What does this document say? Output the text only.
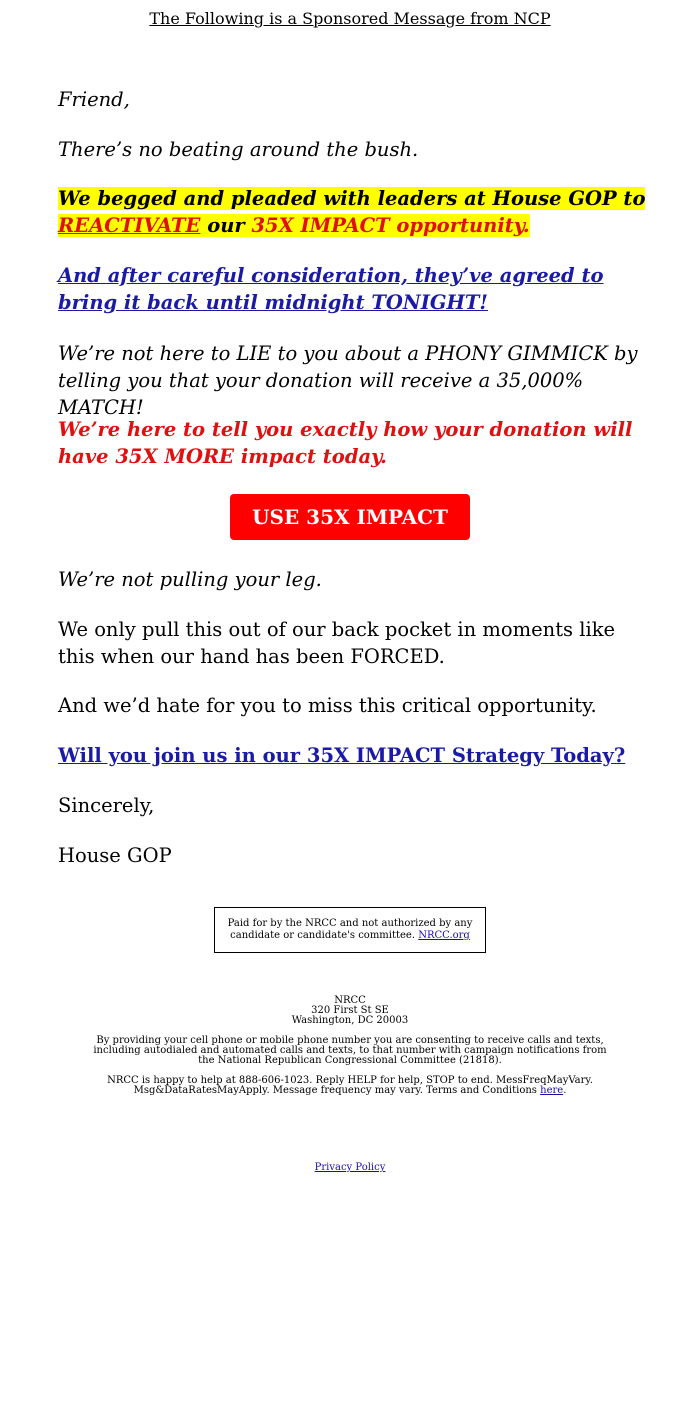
The Following is a Sponsored Message from NCP
Friend,
There’s no beating around the bush.
We begged and pleaded with leaders at House GOP to REACTIVATE our 35X IMPACT opportunity.
And after careful consideration, they’ve agreed to bring it back until midnight TONIGHT!
We’re not here to LIE to you about a PHONY GIMMICK by telling you that your donation will receive a 35,000% MATCH!
We’re here to tell you exactly how your donation will have 35X MORE impact today.
USE 35X IMPACT
We’re not pulling your leg.
We only pull this out of our back pocket in moments like this when our hand has been FORCED.
And we’d hate for you to miss this critical opportunity.
Will you join us in our 35X IMPACT Strategy Today?
Sincerely,
House GOP
Paid for by the NRCC and not authorized by any candidate or candidate's committee. NRCC.org
NRCC
320 First St SE
Washington, DC 20003
By providing your cell phone or mobile phone number you are consenting to receive calls and texts, including autodialed and automated calls and texts, to that number with campaign notifications from the National Republican Congressional Committee (21818).
NRCC is happy to help at 888-606-1023. Reply HELP for help, STOP to end. MessFreqMayVary. Msg&DataRatesMayApply. Message frequency may vary. Terms and Conditions here.
Privacy Policy
